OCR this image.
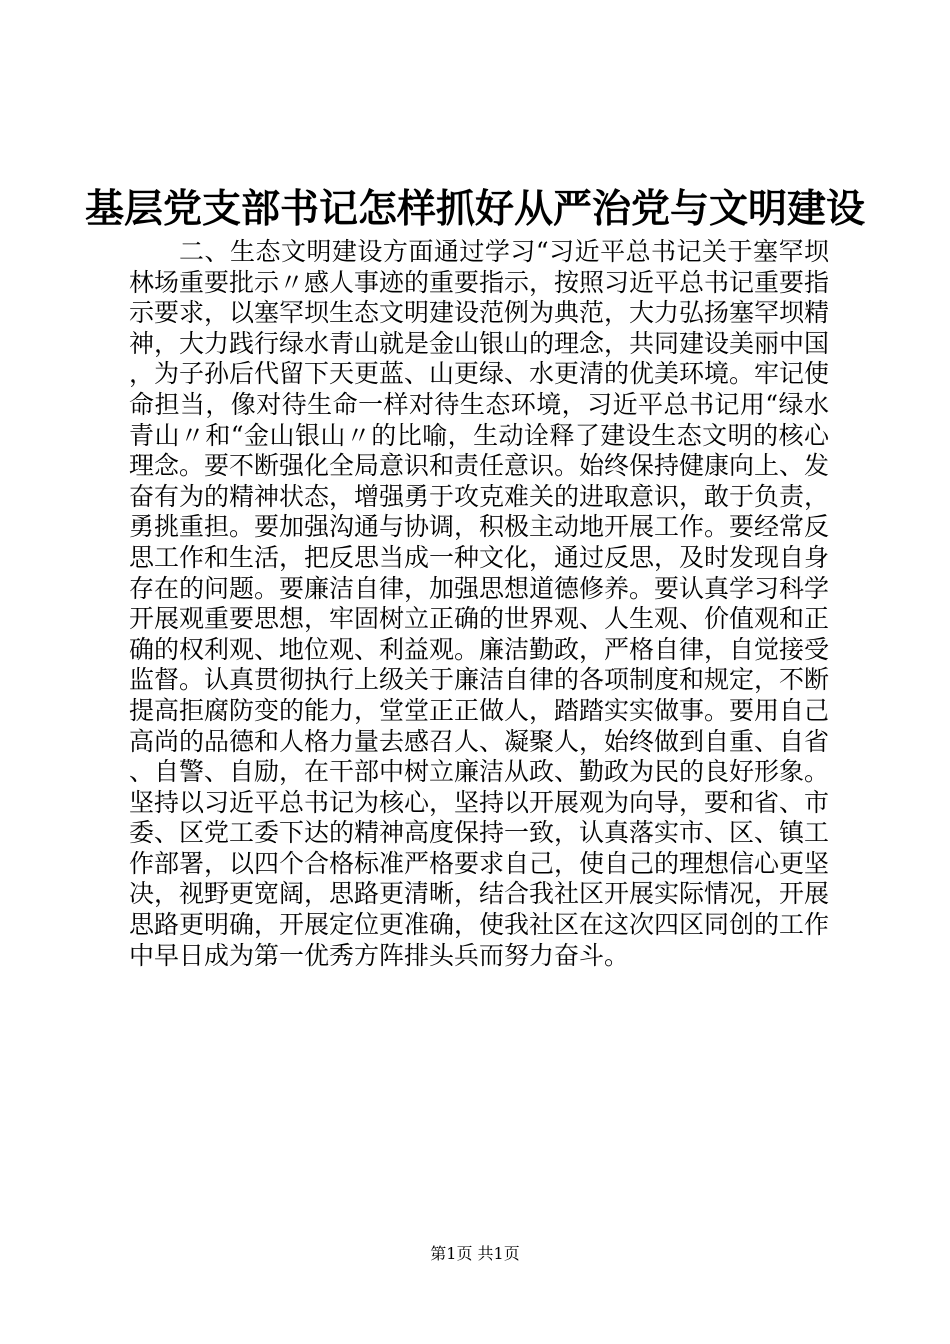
基层党支部书记怎样抓好从严治党与文明建设

二、生态文明建设方面通过学习“习近平总书记关于塞罕坝林场重要批示〃感人事迹的重要指示，按照习近平总书记重要指示要求，以塞罕坝生态文明建设范例为典范，大力弘扬塞罕坝精神，大力践行绿水青山就是金山银山的理念，共同建设美丽中国，为子孙后代留下天更蓝、山更绿、水更清的优美环境。牢记使命担当，像对待生命一样对待生态环境，习近平总书记用“绿水青山〃和“金山银山〃的比喻，生动诠释了建设生态文明的核心理念。要不断强化全局意识和责任意识。始终保持健康向上、发奋有为的精神状态，增强勇于攻克难关的进取意识，敢于负责，勇挑重担。要加强沟通与协调，积极主动地开展工作。要经常反思工作和生活，把反思当成一种文化，通过反思，及时发现自身存在的问题。要廉洁自律，加强思想道德修养。要认真学习科学开展观重要思想，牢固树立正确的世界观、人生观、价值观和正确的权利观、地位观、利益观。廉洁勤政，严格自律，自觉接受监督。认真贯彻执行上级关于廉洁自律的各项制度和规定，不断提高拒腐防变的能力，堂堂正正做人，踏踏实实做事。要用自己高尚的品德和人格力量去感召人、凝聚人，始终做到自重、自省、自警、自励，在干部中树立廉洁从政、勤政为民的良好形象。坚持以习近平总书记为核心，坚持以开展观为向导，要和省、市委、区党工委下达的精神高度保持一致，认真落实市、区、镇工作部署，以四个合格标准严格要求自己，使自己的理想信心更坚决，视野更宽阔，思路更清晰，结合我社区开展实际情况，开展思路更明确，开展定位更准确，使我社区在这次四区同创的工作中早日成为第一优秀方阵排头兵而努力奋斗。

第1页 共1页
